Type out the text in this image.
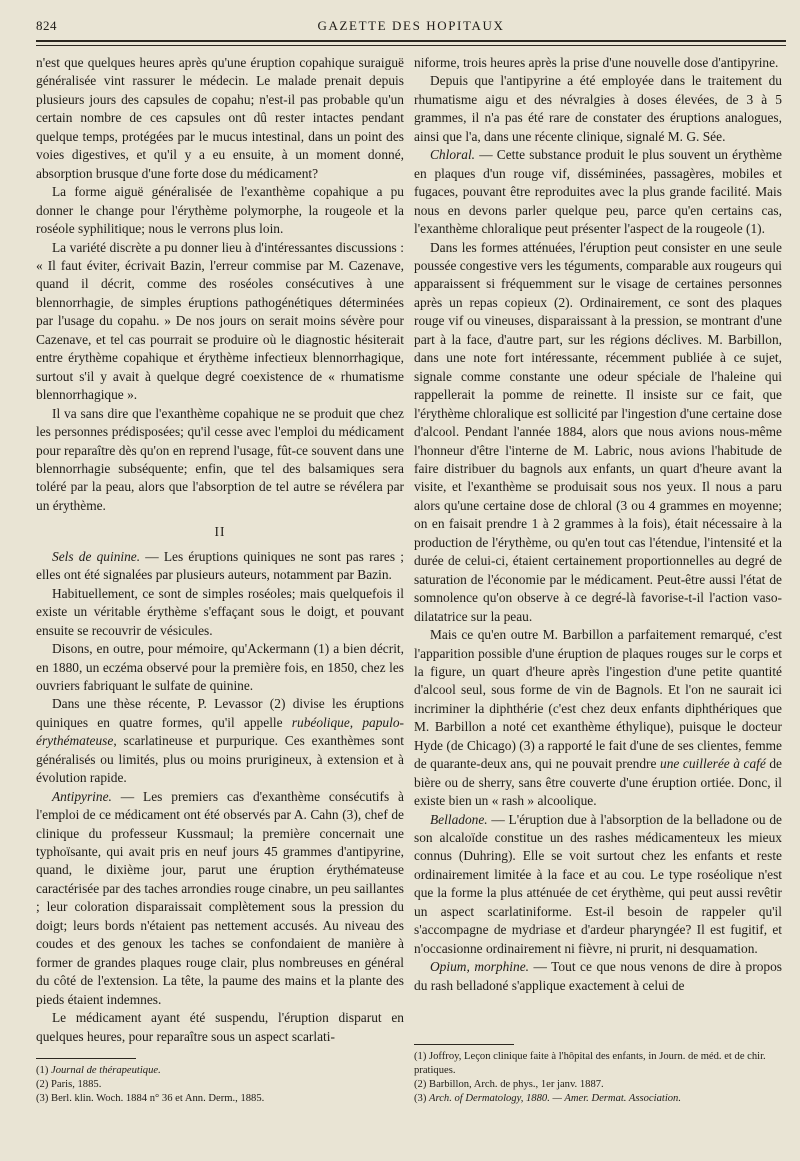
824	GAZETTE DES HOPITAUX

n'est que quelques heures après qu'une éruption copahique suraiguë généralisée vint rassurer le médecin. Le malade prenait depuis plusieurs jours des capsules de copahu; n'est-il pas probable qu'un certain nombre de ces capsules ont dû rester intactes pendant quelque temps, protégées par le mucus intestinal, dans un point des voies digestives, et qu'il y a eu ensuite, à un moment donné, absorption brusque d'une forte dose du médicament?

La forme aiguë généralisée de l'exanthème copahique a pu donner le change pour l'érythème polymorphe, la rougeole et la roséole syphilitique; nous le verrons plus loin.

La variété discrète a pu donner lieu à d'intéressantes discussions : « Il faut éviter, écrivait Bazin, l'erreur commise par M. Cazenave, quand il décrit, comme des roséoles consécutives à une blennorrhagie, de simples éruptions pathogénétiques déterminées par l'usage du copahu. » De nos jours on serait moins sévère pour Cazenave, et tel cas pourrait se produire où le diagnostic hésiterait entre érythème copahique et érythème infectieux blennorrhagique, surtout s'il y avait à quelque degré coexistence de « rhumatisme blennorrhagique ».

Il va sans dire que l'exanthème copahique ne se produit que chez les personnes prédisposées; qu'il cesse avec l'emploi du médicament pour reparaître dès qu'on en reprend l'usage, fût-ce souvent dans une blennorrhagie subséquente; enfin, que tel des balsamiques sera toléré par la peau, alors que l'absorption de tel autre se révélera par un érythème.

II

Sels de quinine. — Les éruptions quiniques ne sont pas rares ; elles ont été signalées par plusieurs auteurs, notamment par Bazin.

Habituellement, ce sont de simples roséoles; mais quelquefois il existe un véritable érythème s'effaçant sous le doigt, et pouvant ensuite se recouvrir de vésicules.

Disons, en outre, pour mémoire, qu'Ackermann (1) a bien décrit, en 1880, un eczéma observé pour la première fois, en 1850, chez les ouvriers fabriquant le sulfate de quinine.

Dans une thèse récente, P. Levassor (2) divise les éruptions quiniques en quatre formes, qu'il appelle rubéolique, papulo-érythémateuse, scarlatineuse et purpurique. Ces exanthèmes sont généralisés ou limités, plus ou moins prurigineux, à extension et à évolution rapide.

Antipyrine. — Les premiers cas d'exanthème consécutifs à l'emploi de ce médicament ont été observés par A. Cahn (3), chef de clinique du professeur Kussmaul; la première concernait une typhoïsante, qui avait pris en neuf jours 45 grammes d'antipyrine, quand, le dixième jour, parut une éruption érythémateuse caractérisée par des taches arrondies rouge cinabre, un peu saillantes ; leur coloration disparaissait complètement sous la pression du doigt; leurs bords n'étaient pas nettement accusés. Au niveau des coudes et des genoux les taches se confondaient de manière à former de grandes plaques rouge clair, plus nombreuses en général du côté de l'extension. La tête, la paume des mains et la plante des pieds étaient indemnes.

Le médicament ayant été suspendu, l'éruption disparut en quelques heures, pour reparaître sous un aspect scarlati-

(1) Journal de thérapeutique.
(2) Paris, 1885.
(3) Berl. klin. Woch. 1884 n° 36 et Ann. Derm., 1885.

niforme, trois heures après la prise d'une nouvelle dose d'antipyrine.

Depuis que l'antipyrine a été employée dans le traitement du rhumatisme aigu et des névralgies à doses élevées, de 3 à 5 grammes, il n'a pas été rare de constater des éruptions analogues, ainsi que l'a, dans une récente clinique, signalé M. G. Sée.

Chloral. — Cette substance produit le plus souvent un érythème en plaques d'un rouge vif, disséminées, passagères, mobiles et fugaces, pouvant être reproduites avec la plus grande facilité. Mais nous en devons parler quelque peu, parce qu'en certains cas, l'exanthème chloralique peut présenter l'aspect de la rougeole (1).

Dans les formes atténuées, l'éruption peut consister en une seule poussée congestive vers les téguments, comparable aux rougeurs qui apparaissent si fréquemment sur le visage de certaines personnes après un repas copieux (2). Ordinairement, ce sont des plaques rouge vif ou vineuses, disparaissant à la pression, se montrant d'une part à la face, d'autre part, sur les régions déclives. M. Barbillon, dans une note fort intéressante, récemment publiée à ce sujet, signale comme constante une odeur spéciale de l'haleine qui rappellerait la pomme de reinette. Il insiste sur ce fait, que l'érythème chloralique est sollicité par l'ingestion d'une certaine dose d'alcool. Pendant l'année 1884, alors que nous avions nous-même l'honneur d'être l'interne de M. Labric, nous avions l'habitude de faire distribuer du bagnols aux enfants, un quart d'heure avant la visite, et l'exanthème se produisait sous nos yeux. Il nous a paru alors qu'une certaine dose de chloral (3 ou 4 grammes en moyenne; on en faisait prendre 1 à 2 grammes à la fois), était nécessaire à la production de l'érythème, ou qu'en tout cas l'étendue, l'intensité et la durée de celui-ci, étaient certainement proportionnelles au degré de saturation de l'économie par le médicament. Peut-être aussi l'état de somnolence qu'on observe à ce degré-là favorise-t-il l'action vaso-dilatatrice sur la peau.

Mais ce qu'en outre M. Barbillon a parfaitement remarqué, c'est l'apparition possible d'une éruption de plaques rouges sur le corps et la figure, un quart d'heure après l'ingestion d'une petite quantité d'alcool seul, sous forme de vin de Bagnols. Et l'on ne saurait ici incriminer la diphthérie (c'est chez deux enfants diphthériques que M. Barbillon a noté cet exanthème éthylique), puisque le docteur Hyde (de Chicago) (3) a rapporté le fait d'une de ses clientes, femme de quarante-deux ans, qui ne pouvait prendre une cuillerée à café de bière ou de sherry, sans être couverte d'une éruption ortiée. Donc, il existe bien un « rash » alcoolique.

Belladone. — L'éruption due à l'absorption de la belladone ou de son alcaloïde constitue un des rashes médicamenteux les mieux connus (Duhring). Elle se voit surtout chez les enfants et reste ordinairement limitée à la face et au cou. Le type roséolique n'est que la forme la plus atténuée de cet érythème, qui peut aussi revêtir un aspect scarlatiniforme. Est-il besoin de rappeler qu'il s'accompagne de mydriase et d'ardeur pharyngée? Il est fugitif, et n'occasionne ordinairement ni fièvre, ni prurit, ni desquamation.

Opium, morphine. — Tout ce que nous venons de dire à propos du rash belladoné s'applique exactement à celui de

(1) Joffroy, Leçon clinique faite à l'hôpital des enfants, in Journ. de méd. et de chir. pratiques.
(2) Barbillon, Arch. de phys., 1er janv. 1887.
(3) Arch. of Dermatology, 1880. — Amer. Dermat. Association.
